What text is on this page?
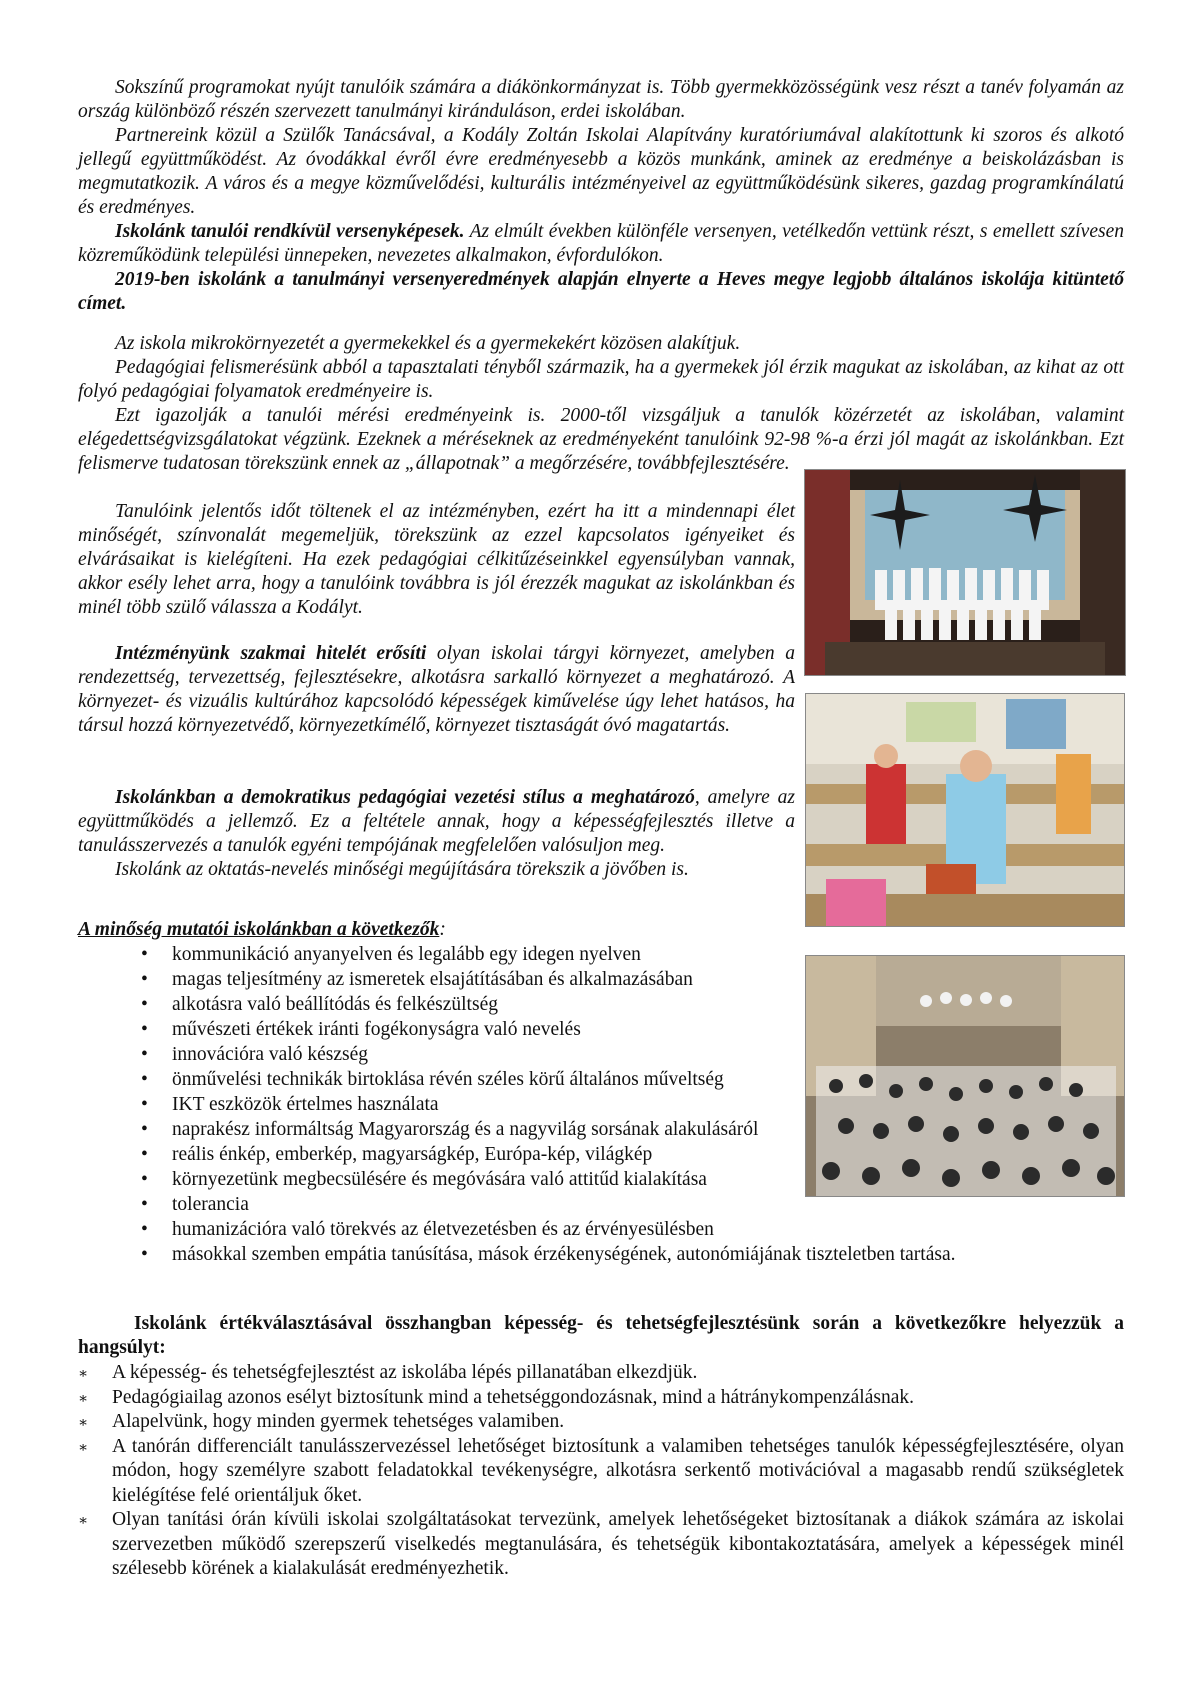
Sokszínű programokat nyújt tanulóik számára a diákönkormányzat is. Több gyermekközösségünk vesz részt a tanév folyamán az ország különböző részén szervezett tanulmányi kiránduláson, erdei iskolában.

Partnereink közül a Szülők Tanácsával, a Kodály Zoltán Iskolai Alapítvány kuratóriumával alakítottunk ki szoros és alkotó jellegű együttműködést. Az óvodákkal évről évre eredményesebb a közös munkánk, aminek az eredménye a beiskolázásban is megmutatkozik. A város és a megye közművelődési, kulturális intézményeivel az együttműködésünk sikeres, gazdag programkínálatú és eredményes.

Iskolánk tanulói rendkívül versenyképesek. Az elmúlt években különféle versenyen, vetélkedőn vettünk részt, s emellett szívesen közreműködünk települési ünnepeken, nevezetes alkalmakon, évfordulókon.

2019-ben iskolánk a tanulmányi versenyeredmények alapján elnyerte a Heves megye legjobb általános iskolája kitüntető címet.

Az iskola mikrokörnyezetét a gyermekekkel és a gyermekekért közösen alakítjuk.

Pedagógiai felismerésünk abból a tapasztalati tényből származik, ha a gyermekek jól érzik magukat az iskolában, az kihat az ott folyó pedagógiai folyamatok eredményeire is.

Ezt igazolják a tanulói mérési eredményeink is. 2000-től vizsgáljuk a tanulók közérzetét az iskolában, valamint elégedettségvizsgálatokat végzünk. Ezeknek a méréseknek az eredményeként tanulóink 92-98 %-a érzi jól magát az iskolánkban. Ezt felismerve tudatosan törekszünk ennek az „állapotnak” a megőrzésére, továbbfejlesztésére.

Tanulóink jelentős időt töltenek el az intézményben, ezért ha itt a mindennapi élet minőségét, színvonalát megemeljük, törekszünk az ezzel kapcsolatos igényeiket és elvárásaikat is kielégíteni. Ha ezek pedagógiai célkitűzéseinkkel egyensúlyban vannak, akkor esély lehet arra, hogy a tanulóink továbbra is jól érezzék magukat az iskolánkban és minél több szülő válassza a Kodályt.

Intézményünk szakmai hitelét erősíti olyan iskolai tárgyi környezet, amelyben a rendezettség, tervezettség, fejlesztésekre, alkotásra sarkalló környezet a meghatározó. A környezet- és vizuális kultúrához kapcsolódó képességek kiművelése úgy lehet hatásos, ha társul hozzá környezetvédő, környezetkímélő, környezet tisztaságát óvó magatartás.

Iskolánkban a demokratikus pedagógiai vezetési stílus a meghatározó, amelyre az együttműködés a jellemző. Ez a feltétele annak, hogy a képességfejlesztés illetve a tanulásszervezés a tanulók egyéni tempójának megfelelően valósuljon meg.

Iskolánk az oktatás-nevelés minőségi megújítására törekszik a jövőben is.

A minőség mutatói iskolánkban a következők:
• kommunikáció anyanyelven és legalább egy idegen nyelven
• magas teljesítmény az ismeretek elsajátításában és alkalmazásában
• alkotásra való beállítódás és felkészültség
• művészeti értékek iránti fogékonyságra való nevelés
• innovációra való készség
• önművelési technikák birtoklása révén széles körű általános műveltség
• IKT eszközök értelmes használata
• naprakész informáltság Magyarország és a nagyvilág sorsának alakulásáról
• reális énkép, emberkép, magyarságkép, Európa-kép, világkép
• környezetünk megbecsülésére és megóvására való attitűd kialakítása
• tolerancia
• humanizációra való törekvés az életvezetésben és az érvényesülésben
• másokkal szemben empátia tanúsítása, mások érzékenységének, autonómiájának tiszteletben tartása.

Iskolánk értékválasztásával összhangban képesség- és tehetségfejlesztésünk során a következőkre helyezzük a hangsúlyt:

∗ A képesség- és tehetségfejlesztést az iskolába lépés pillanatában elkezdjük.
∗ Pedagógiailag azonos esélyt biztosítunk mind a tehetséggondozásnak, mind a hátránykompenzálásnak.
∗ Alapelvünk, hogy minden gyermek tehetséges valamiben.
∗ A tanórán differenciált tanulásszervezéssel lehetőséget biztosítunk a valamiben tehetséges tanulók képességfejlesztésére, olyan módon, hogy személyre szabott feladatokkal tevékenységre, alkotásra serkentő motivációval a magasabb rendű szükségletek kielégítése felé orientáljuk őket.
∗ Olyan tanítási órán kívüli iskolai szolgáltatásokat tervezünk, amelyek lehetőségeket biztosítanak a diákok számára az iskolai szervezetben működő szerepszerű viselkedés megtanulására, és tehetségük kibontakoztatására, amelyek a képességek minél szélesebb körének a kialakulását eredményezhetik.
